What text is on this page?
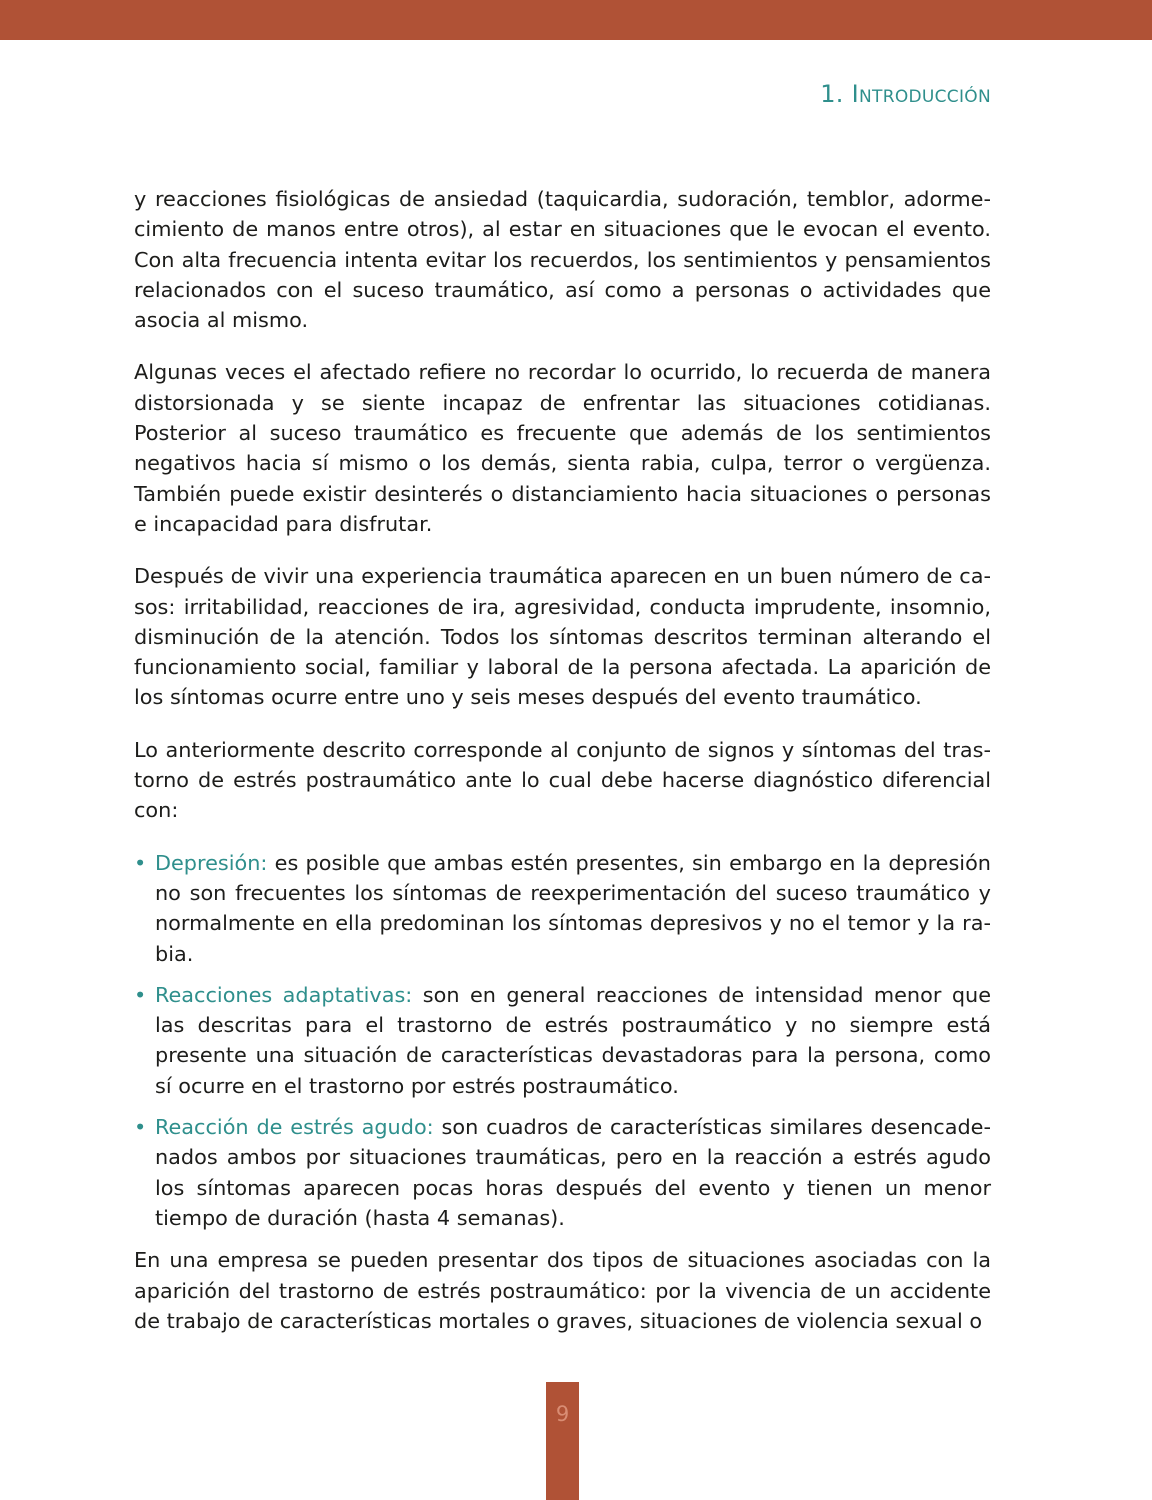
1. Introducción

y reacciones fisiológicas de ansiedad (taquicardia, sudoración, temblor, adormecimiento de manos entre otros), al estar en situaciones que le evocan el evento. Con alta frecuencia intenta evitar los recuerdos, los sentimientos y pensamientos relacionados con el suceso traumático, así como a personas o actividades que asocia al mismo.

Algunas veces el afectado refiere no recordar lo ocurrido, lo recuerda de manera distorsionada y se siente incapaz de enfrentar las situaciones cotidianas. Posterior al suceso traumático es frecuente que además de los sentimientos negativos hacia sí mismo o los demás, sienta rabia, culpa, terror o vergüenza. También puede existir desinterés o distanciamiento hacia situaciones o personas e incapacidad para disfrutar.

Después de vivir una experiencia traumática aparecen en un buen número de casos: irritabilidad, reacciones de ira, agresividad, conducta imprudente, insomnio, disminución de la atención. Todos los síntomas descritos terminan alterando el funcionamiento social, familiar y laboral de la persona afectada. La aparición de los síntomas ocurre entre uno y seis meses después del evento traumático.

Lo anteriormente descrito corresponde al conjunto de signos y síntomas del trastorno de estrés postraumático ante lo cual debe hacerse diagnóstico diferencial con:

• Depresión: es posible que ambas estén presentes, sin embargo en la depresión no son frecuentes los síntomas de reexperimentación del suceso traumático y normalmente en ella predominan los síntomas depresivos y no el temor y la rabia.
• Reacciones adaptativas: son en general reacciones de intensidad menor que las descritas para el trastorno de estrés postraumático y no siempre está presente una situación de características devastadoras para la persona, como sí ocurre en el trastorno por estrés postraumático.
• Reacción de estrés agudo: son cuadros de características similares desencadenados ambos por situaciones traumáticas, pero en la reacción a estrés agudo los síntomas aparecen pocas horas después del evento y tienen un menor tiempo de duración (hasta 4 semanas).

En una empresa se pueden presentar dos tipos de situaciones asociadas con la aparición del trastorno de estrés postraumático: por la vivencia de un accidente de trabajo de características mortales o graves, situaciones de violencia sexual o

9
